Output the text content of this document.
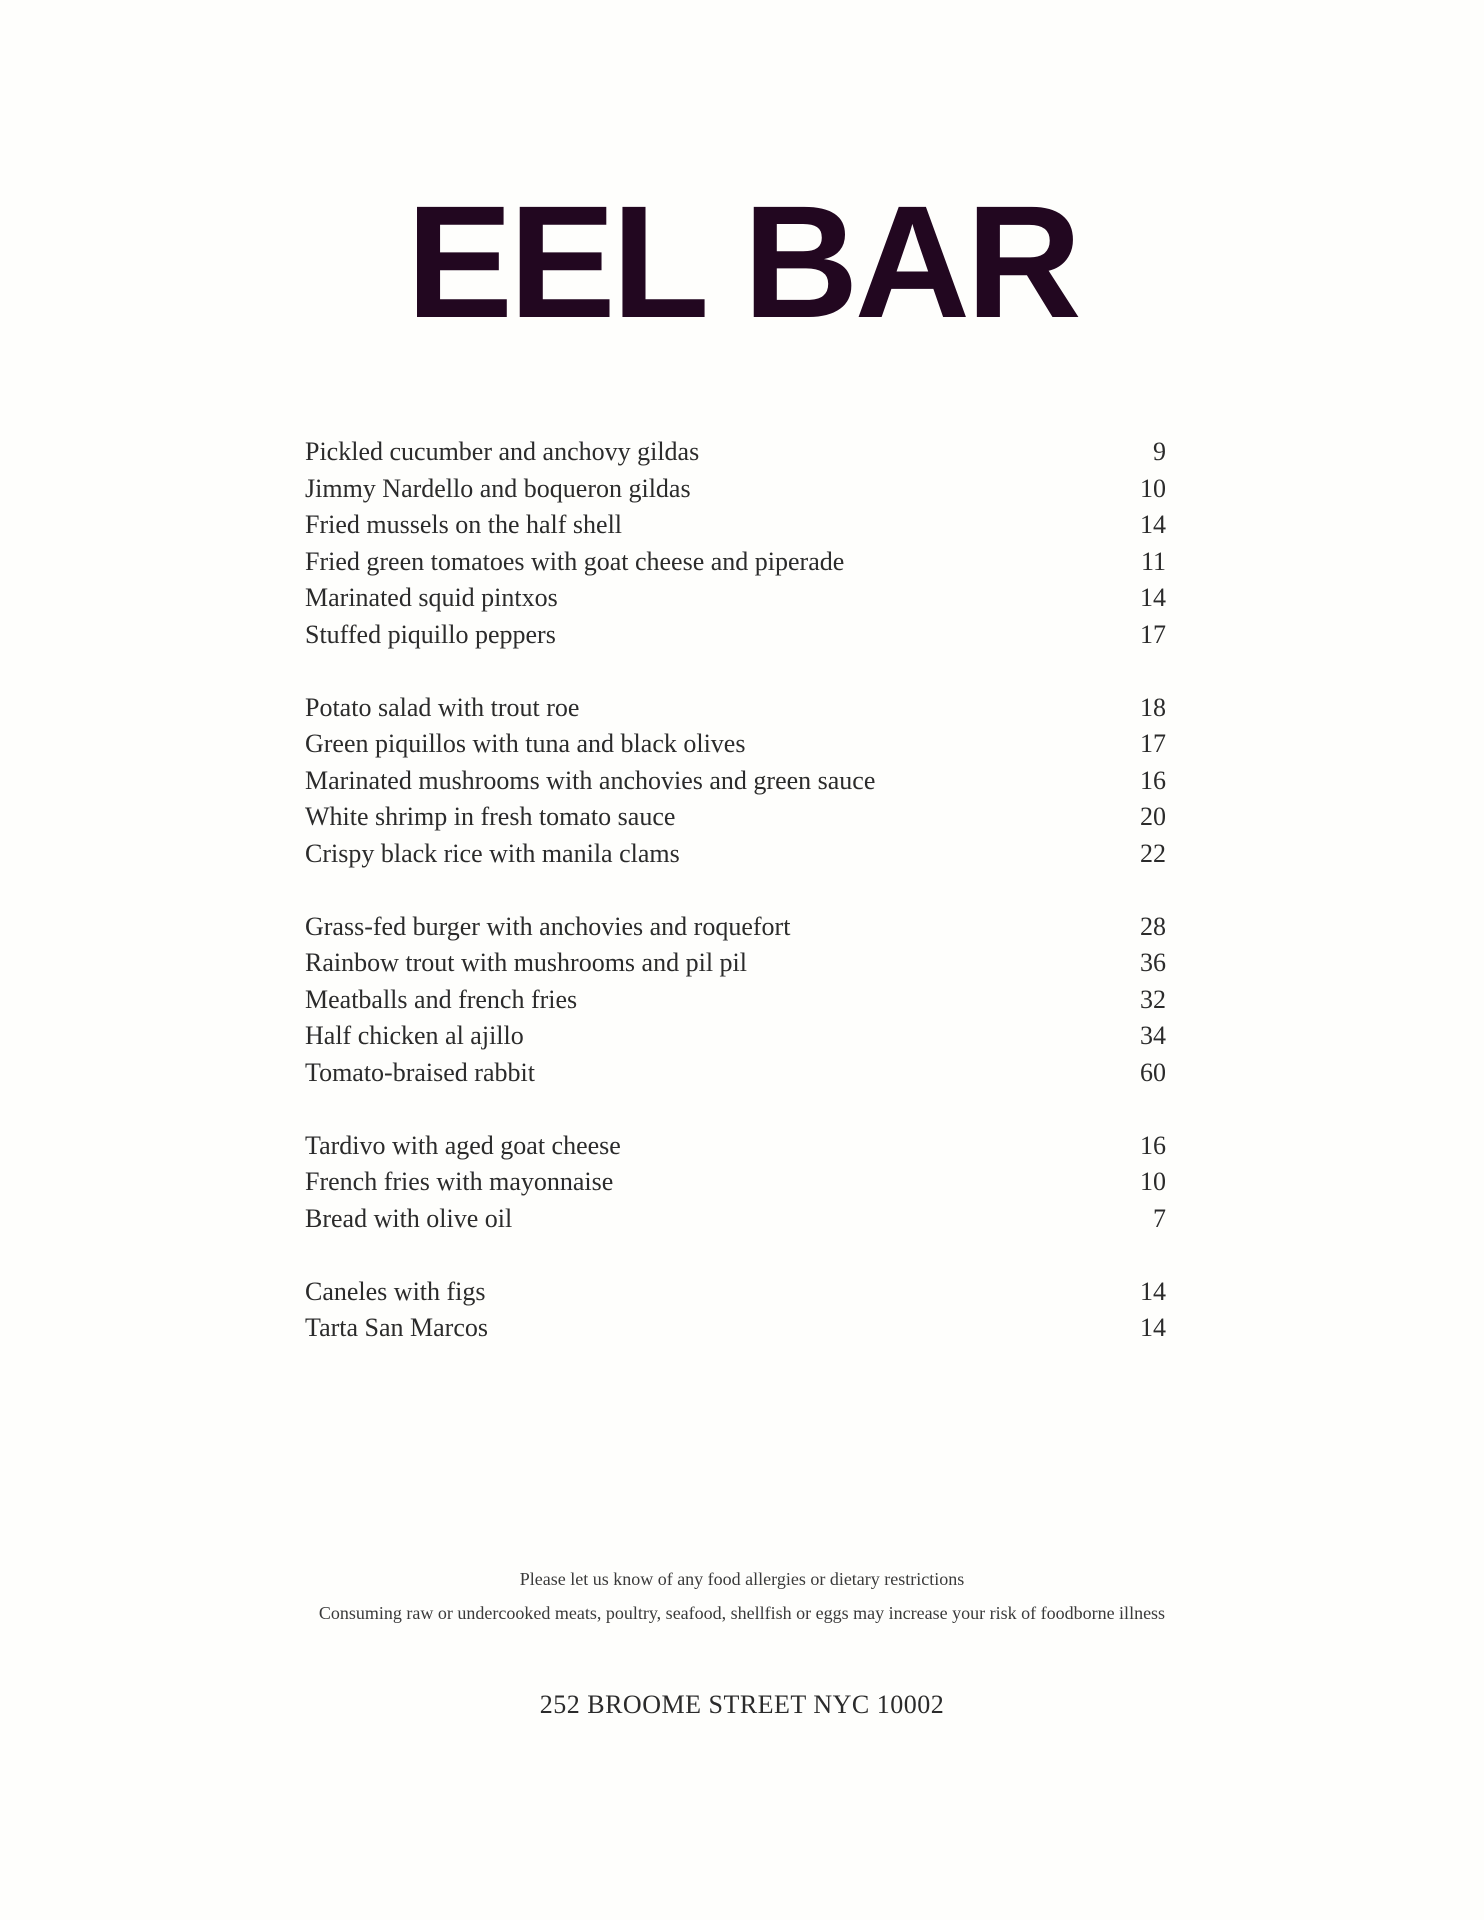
EEL BAR
Pickled cucumber and anchovy gildas	9
Jimmy Nardello and boqueron gildas	10
Fried mussels on the half shell	14
Fried green tomatoes with goat cheese and piperade	11
Marinated squid pintxos	14
Stuffed piquillo peppers	17
Potato salad with trout roe	18
Green piquillos with tuna and black olives	17
Marinated mushrooms with anchovies and green sauce	16
White shrimp in fresh tomato sauce	20
Crispy black rice with manila clams	22
Grass-fed burger with anchovies and roquefort	28
Rainbow trout with mushrooms and pil pil	36
Meatballs and french fries	32
Half chicken al ajillo	34
Tomato-braised rabbit	60
Tardivo with aged goat cheese	16
French fries with mayonnaise	10
Bread with olive oil	7
Caneles with figs	14
Tarta San Marcos	14
Please let us know of any food allergies or dietary restrictions
Consuming raw or undercooked meats, poultry, seafood, shellfish or eggs may increase your risk of foodborne illness
252 BROOME STREET NYC 10002
